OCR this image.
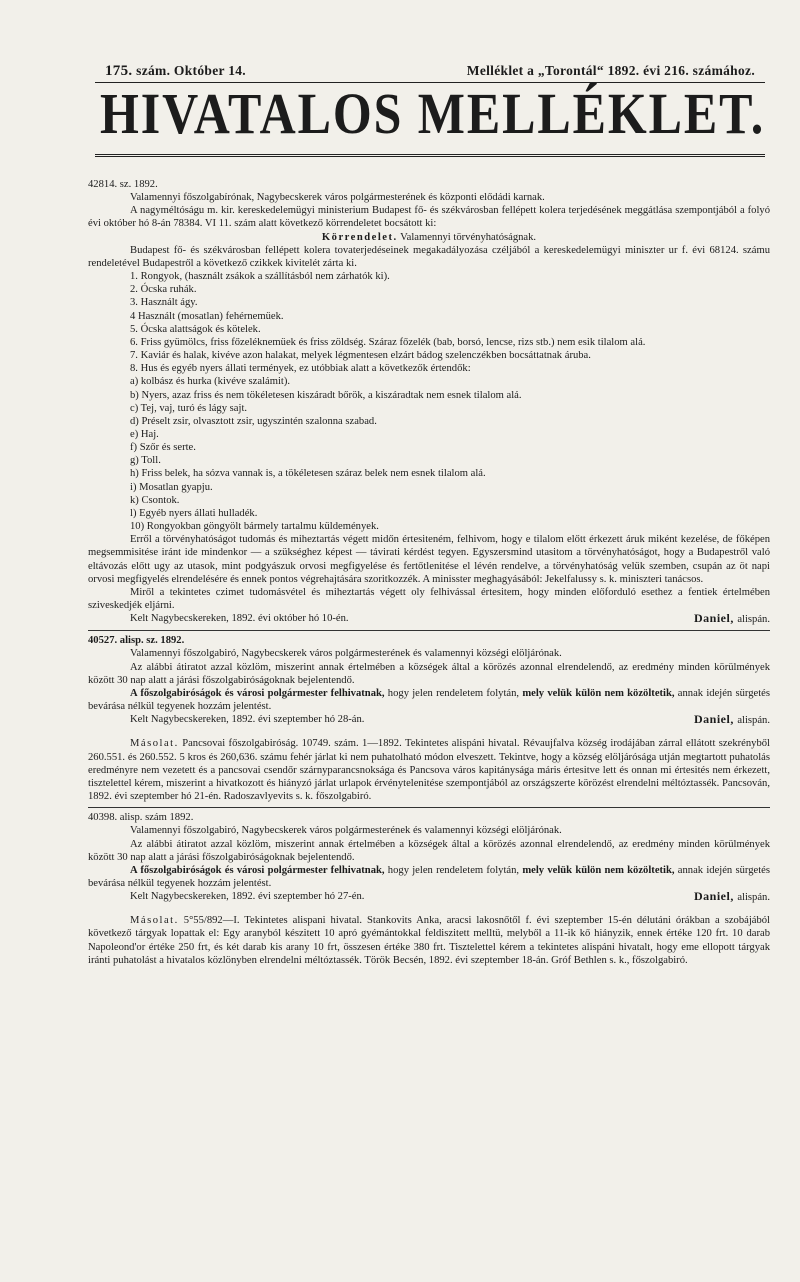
175. szám. Október 14.	Melléklet a „Torontál“ 1892. évi 216. számához.
HIVATALOS MELLÉKLET.

42814. sz. 1892.

Valamennyi főszolgabírónak, Nagybecskerek város polgármesterének és központi elődádi karnak.

A nagyméltóságu m. kir. kereskedelemügyi ministerium Budapest fő- és székvárosban fellépett kolera terjedésének meggátlása szempontjából a folyó évi október hó 8-án 78384. VI 11. szám alatt következő körrendeletet bocsátott ki:

Körrendelet. Valamennyi törvényhatóságnak.

Budapest fő- és székvárosban fellépett kolera tovaterjedéseinek megakadályozása czéljából a kereskedelemügyi miniszter ur f. évi 68124. számu rendeletével Budapestről a következő czikkek kivitelét zárta ki.

1. Rongyok, (használt zsákok a szállításból nem zárhatók ki).

2. Ócska ruhák.

3. Használt ágy.

4 Használt (mosatlan) fehérnemüek.

5. Ócska alattságok és kötelek.

6. Friss gyümölcs, friss főzeléknemüek és friss zöldség. Száraz főzelék (bab, borsó, lencse, rizs stb.) nem esik tilalom alá.

7. Kaviár és halak, kivéve azon halakat, melyek légmentesen elzárt bádog szelenczékben bocsáttatnak áruba.

8. Hus és egyéb nyers állati termények, ez utóbbiak alatt a következők értendők:

a) kolbász és hurka (kivéve szalámit).

b) Nyers, azaz friss és nem tökéletesen kiszáradt bőrök, a kiszáradtak nem esnek tilalom alá.

c) Tej, vaj, turó és lágy sajt.

d) Préselt zsir, olvasztott zsir, ugyszintén szalonna szabad.

e) Haj.

f) Szőr és serte.

g) Toll.

h) Friss belek, ha sózva vannak is, a tökéletesen száraz belek nem esnek tilalom alá.

i) Mosatlan gyapju.

k) Csontok.

l) Egyéb nyers állati hulladék.

10) Rongyokban göngyölt bármely tartalmu küldemények.

Erről a törvényhatóságot tudomás és miheztartás végett midőn értesiteném, felhivom, hogy e tilalom előtt érkezett áruk miként kezelése, de főképen megsemmisitése iránt ide mindenkor — a szükséghez képest — távirati kérdést tegyen. Egyszersmind utasitom a törvényhatóságot, hogy a Budapestről való eltávozás előtt ugy az utasok, mint podgyászuk orvosi megfigyelése és fertőtlenitése el lévén rendelve, a törvényhatóság velük szemben, csupán az öt napi orvosi megfigyelés elrendelésére és ennek pontos végrehajtására szoritkozzék. A minisster meghagyásából: Jekelfalussy s. k. miniszteri tanácsos.

Miről a tekintetes czimet tudomásvétel és miheztartás végett oly felhivással értesitem, hogy minden előforduló esethez a fentiek értelmében sziveskedjék eljárni.

Kelt Nagybecskereken, 1892. évi október hó 10-én.	Daniel, alispán.

40527. alisp. sz. 1892.

Valamennyi főszolgabiró, Nagybecskerek város polgármesterének és valamennyi községi elöljárónak.

Az alábbi átiratot azzal közlöm, miszerint annak értelmében a községek által a körözés azonnal elrendelendő, az eredmény minden körülmények között 30 nap alatt a járási főszolgabiróságoknak bejelentendő.

A főszolgabiróságok és városi polgármester felhivatnak, hogy jelen rendeletem folytán, mely velük külön nem közöltetik, annak idején sürgetés bevárása nélkül tegyenek hozzám jelentést.

Kelt Nagybecskereken, 1892. évi szeptember hó 28-án.	Daniel, alispán.

Másolat. Pancsovai főszolgabiróság. 10749. szám. 1—1892. Tekintetes alispáni hivatal. Révaujfalva község irodájában zárral ellátott szekrényből 260.551. és 260.552. 5 kros és 260,636. számu fehér járlat ki nem puhatolható módon elveszett. Tekintve, hogy a község elöljárósága utján megtartott puhatolás eredményre nem vezetett és a pancsovai csendőr szárnyparancsnoksága és Pancsova város kapitánysága máris értesitve lett és onnan mi értesités nem érkezett, tisztelettel kérem, miszerint a hivatkozott és hiányzó járlat urlapok érvénytelenitése szempontjából az országszerte körözést elrendelni méltóztassék. Pancsován, 1892. évi szeptember hó 21-én. Radoszavlyevits s. k. főszolgabiró.

40398. alisp. szám 1892.

Valamennyi főszolgabiró, Nagybecskerek város polgármesterének és valamennyi községi elöljárónak.

Az alábbi átiratot azzal közlöm, miszerint annak értelmében a községek által a körözés azonnal elrendelendő, az eredmény minden körülmények között 30 nap alatt a járási főszolgabiróságoknak bejelentendő.

A főszolgabiróságok és városi polgármester felhivatnak, hogy jelen rendeletem folytán, mely velük külön nem közöltetik, annak idején sürgetés bevárása nélkül tegyenek hozzám jelentést.

Kelt Nagybecskereken, 1892. évi szeptember hó 27-én.	Daniel, alispán.

Másolat. 5°55/892—I. Tekintetes alispani hivatal. Stankovits Anka, aracsi lakosnőtől f. évi szeptember 15-én délutáni órákban a szobájából következő tárgyak lopattak el: Egy aranyból készitett 10 apró gyémántokkal feldiszitett melltü, melyből a 11-ik kő hiányzik, ennek értéke 120 frt. 10 darab Napoleond'or értéke 250 frt, és két darab kis arany 10 frt, összesen értéke 380 frt. Tisztelettel kérem a tekintetes alispáni hivatalt, hogy eme ellopott tárgyak iránti puhatolást a hivatalos közlönyben elrendelni méltóztassék. Török Becsén, 1892. évi szeptember 18-án. Gróf Bethlen s. k., főszolgabiró.
